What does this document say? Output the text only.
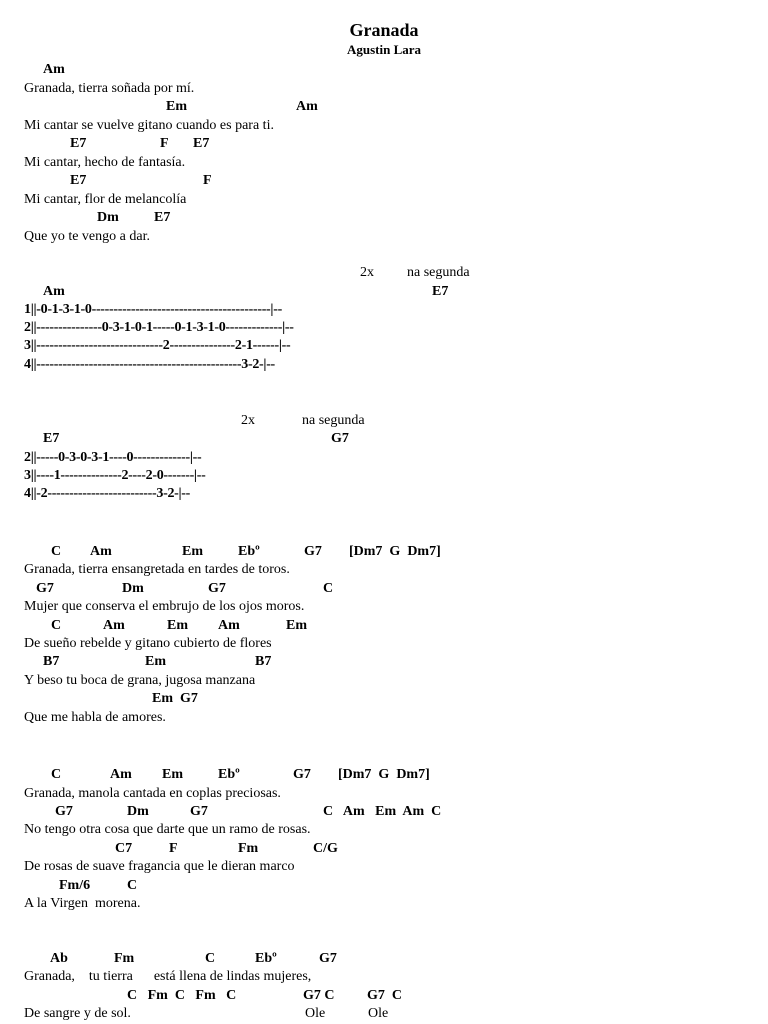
Granada
Agustin Lara
Am
Granada, tierra soñada por mí.
Em	Am
Mi cantar se vuelve gitano cuando es para ti.
E7	F E7
Mi cantar, hecho de fantasía.
E7	F
Mi cantar, flor de melancolía
Dm	E7
Que yo te vengo a dar.
2x na segunda
Am	E7
1||-0-1-3-1-0-----------------------------------------|--
2||---------------0-3-1-0-1-----0-1-3-1-0-------------|--
3||-----------------------------2---------------2-1------|--
4||-----------------------------------------------3-2-|--
2x	na segunda
E7	G7
2||-----0-3-0-3-1----0-------------|--
3||----1--------------2----2-0-------|--
4||-2-------------------------3-2-|--
C Am	Em	Ebº	G7 [Dm7  G  Dm7]
Granada, tierra ensangretada en tardes de toros.
G7	Dm	G7	C
Mujer que conserva el embrujo de los ojos moros.
C	Am	Em Am	Em
De sueño rebelde y gitano cubierto de flores
B7	Em	B7
Y beso tu boca de grana, jugosa manzana
Em  G7
Que me habla de amores.
C	Am Em	Ebº	G7 [Dm7  G  Dm7]
Granada, manola cantada en coplas preciosas.
G7	Dm	G7	C   Am   Em  Am  C
No tengo otra cosa que darte que un ramo de rosas.
C7	F	Fm	C/G
De rosas de suave fragancia que le dieran marco
Fm/6	C
A la Virgen  morena.
Ab	Fm	C	Ebº	G7
Granada,    tu tierra      está llena de lindas mujeres,
C   Fm  C   Fm   C	G7 C G7  C
De sangre y de sol.	Ole	Ole
